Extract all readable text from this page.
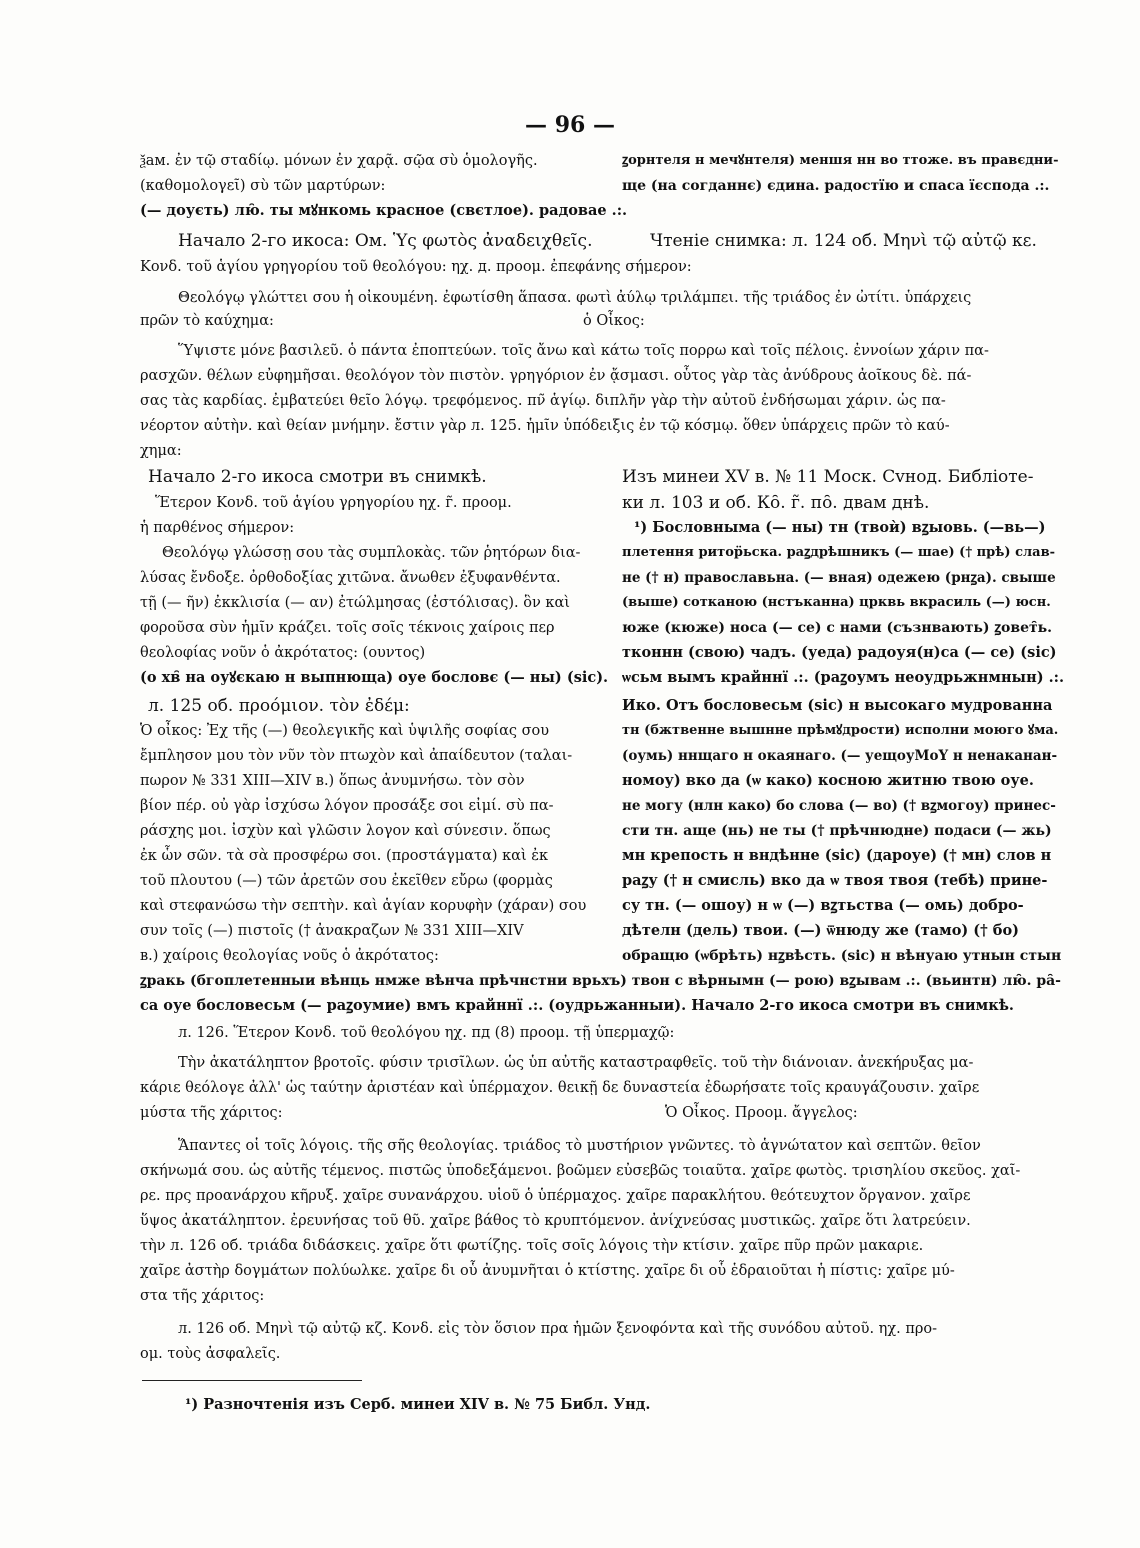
— 96 —
ѯам. ἐν τῷ σταδίῳ. μόνων ἐν χαρᾷ. σῷα σὺ ὁμολογῆς.	ꙁорнтеля н мечꙋнтеля) меншя нн во ттоже. въ правєдни-
(καθομολογεῖ) σὺ τῶν μαρτύρων:	ще (на согданнє) єдина. радостїю и спаса їєспода .:.
(— доуєть) лю̑. ты мꙋнкомь красное (свєтлое). радовае .:.
Начало 2-го икоса: Ом. Ὑς φωτὸς ἀναδειχθεῖς.	Чтеніе снимка: л. 124 об. Μηνὶ τῷ αὐτῷ κε.
Κονδ. τοῦ ἁγίου γρηγορίου τοῦ θεολόγου: ηχ. д. προομ. ἐπεφάνης σήμερον:
Θεολόγῳ γλώττει σου ἡ οἰκουμένη. ἐφωτίσθη ἅπασα. φωτὶ ἀύλῳ τριλάμπει. τῆς τριάδος ἐν ὠτίτι. ὑπάρχεις
πρῶν τὸ καύχημα:	ὁ Οἶκος:
Ὕψιστε μόνε βασιλεῦ. ὁ πάντα ἐποπτεύων. τοῖς ἄνω καὶ κάτω τοῖς πορρω καὶ τοῖς πέλοις. ἐννοίων χάριν πα-
ρασχῶν. θέλων εὐφημῆσαι. θεολόγον τὸν πιστὸν. γρηγόριον ἐν ᾄσμασι. οὗτος γὰρ τὰς ἀνύδρους ἀοῖκους δὲ. πά-
σας τὰς καρδίας. ἐμβατεύει θεῖο λόγῳ. τρεφόμενος. πν̃ ἁγίῳ. διπλῆν γὰρ τὴν αὐτοῦ ἐνδήσωμαι χάριν. ὡς πα-
νέορτον αὐτὴν. καὶ θείαν μνήμην. ἔστιν γὰρ л. 125. ἡμῖν ὑπόδειξις ἐν τῷ κόσμῳ. ὅθεν ὑπάρχεις πρῶν τὸ καύ-
χημα:
Начало 2-го икоса смотри въ снимкѣ.	Изъ минеи XV в. № 11 Моск. Сvнод. Библіоте-
Ἕτερον Κονδ. τοῦ ἁγίου γρηγορίου ηχ. г̃. προομ.	ки л. 103 и об. Ко̑. г̃. по̑. двам днѣ.
ἡ παρθένος σήμερον:	¹) Бословнымa (— ны) тн (твоѝ) вꙁыовь. (—вь—)
Θεολόγῳ γλώσσῃ σου τὰς συμπλοκὰς. τῶν ῥητόρων δια-	плетення ритор̈ьска. раꙁдрѣшникъ (— шае) († прѣ) слав-
λύσας ἔνδοξε. ὀρθοδοξίας χιτῶνα. ἄνωθεν ἐξυφανθέντα.	не († н) православьна. (— вная) одежею (рнꙁа). свыше
τῇ (— ῆν) ἐκκλισία (— αν) ἐτώλμησας (ἐστόλισας). ὃν καὶ	(выше) сотканою (нстъканна) црквь вкрасиль (—) юсн.
φοροῦσα σὺν ἡμῖν κράζει. τοῖς σοῖς τέκνοις χαίροις περ	юже (кюже) носа (— се) с нами (съзнвають) ꙁовет̑ь.
θεολοφίας νοῦν ὁ ἀκρότατος: (ουντος)	тконнн (свою) чадъ. (уеда) радоуя(н)са (— се) (sic)
(о хв̑ на оуꙋєкаю н выпнюща) оуе бословє (— ны) (sic). ѡсьм вымъ крайннї .:. (раꙁоумъ неоудрьжнмнын) .:.
л. 125 об. προόμιον. τὸν ἐδέμ:	Ико. Отъ бословесьм (sic) н высокаго мудрованна
Ὁ οἶκος: Ἐχ τῆς (—) θεολεγικῆς καὶ ὑψιλῆς σοφίας σου	тн (бжтвенне вышнне прѣмꙋдрости) исполни моюго ꙋма.
ἔμπλησον μου τὸν νῦν τὸν πτωχὸν καὶ ἀπαίδευτον (ταλαι-	(оумь) ннщаго н окаянаго. (— уещоуΜοΥ н ненаканан-
πωρον № 331 XIII—XIV в.) ὅπως ἀνυμνήσω. τὸν σὸν	номоу) вко да (ѡ како) косною житню твою оуе.
βίον πέρ. οὐ γὰρ ἰσχύσω λόγον προσάξε σοι εἰμί. σὺ πα-	не могу (нлн како) бо слова (— во) († вꙁмогоу) принес-
ράσχης μοι. ἰσχὺν καὶ γλῶσιν λογον καὶ σύνεσιν. ὅπως	сти тн. аще (нь) не ты († прѣчнюдне) подаси (— жь)
ἐκ ὧν σῶν. τὰ σὰ προσφέρω σοι. (προστάγματα) καὶ ἐκ	мн крепость н вндѣнне (sic) (дароуе) († мн) слов н
τοῦ πλουτου (—) τῶν ἀρετῶν σου ἐκεῖθεν εὔρω (φορμὰς	раꙁу († н смисль) вко да ѡ твоя твоя (тебѣ) прине-
καὶ στεφανώσω τὴν σεπτὴν. καὶ ἁγίαν κορυφὴν (χάραν) σου	су тн. (— ошоу) н ѡ (—) вꙁтьствa (— омь) добро-
συν τοῖς (—) πιστοῖς († ἀνακραζων № 331 XIII—XIV	дѣтелн (дель) твои. (—) ѿнюду же (тамо) († бо)
в.) χαίροις θεολογίας νοῦς ὁ ἀκρότατος:	обращю (ѡбрѣть) нꙁвѣсть. (sic) н вѣнуаю утнын стын
ꙁракь (бгоплетенныи вѣнць нмже вѣнча прѣчнстни врьхъ) твон с вѣрнымн (— рою) вꙁывам .:. (вьинтн) лю̑. ра̑-
са оуе бословесьм (— раꙁоумие) вмъ крайннї .:. (оудрьжанныи). Начало 2-го икоса смотри въ снимкѣ.
л. 126. Ἕτερον Κονδ. τοῦ θεολόγου ηχ. пд (8) προομ. τῇ ὑπερμαχῷ:
Τὴν ἀκατάληπτον βροτοῖς. φύσιν τρισῖλων. ὡς ὑπ αὐτῆς καταστραφθεῖς. τοῦ τὴν διάνοιαν. ἀνεκήρυξας μα-
κάριε θεόλογε ἀλλ' ὡς ταύτην ἀριστέαν καὶ ὑπέρμαχον. θεικῇ δε δυναστεία ἐδωρήσατε τοῖς κραυγάζουσιν. χαῖρε
μύστα τῆς χάριτος:	Ὁ Οἶκος. Προομ. ἄγγελος:
Ἅπαντες οἱ τοῖς λόγοις. τῆς σῆς θεολογίας. τριάδος τὸ μυστήριον γνῶντες. τὸ ἁγνώτατον καὶ σεπτῶν. θεῖον
σκήνωμά σου. ὡς αὐτῆς τέμενος. πιστῶς ὑποδεξάμενοι. βοῶμεν εὐσεβῶς τοιαῦτα. χαῖρε φωτὸς. τρισηλίου σκεῦος. χαῖ-
ρε. πρς προανάρχου κῆρυξ. χαῖρε συνανάρχου. υἱοῦ ὁ ὑπέρμαχος. χαῖρε παρακλήτου. θεότευχτον ὄργανον. χαῖρε
ὕψος ἀκατάληπτον. ἐρευνήσας τοῦ θῦ. χαῖρε βάθος τὸ κρυπτόμενον. ἀνίχνεύσας μυστικῶς. χαῖρε ὅτι λατρεύειν.
τὴν л. 126 об. τριάδα διδάσκεις. χαῖρε ὅτι φωτίζης. τοῖς σοῖς λόγοις τὴν κτίσιν. χαῖρε πῦρ πρῶν μακαριε.
χαῖρε ἀστὴρ δογμάτων πολύωλκε. χαῖρε δι οὗ ἀνυμνῆται ὁ κτίστης. χαῖρε δι οὗ ἑδραιοῦται ἡ πίστις: χαῖρε μύ-
στα τῆς χάριτος:
л. 126 об. Μηνὶ τῷ αὐτῷ κζ. Κονδ. εἰς τὸν ὅσιον πρα ἡμῶν ξενοφόντα καὶ τῆς συνόδου αὐτοῦ. ηχ. προ-
ομ. τοὺς ἀσφαλεῖς.
¹) Разночтенія изъ Серб. минеи XIV в. № 75 Библ. Унд.
